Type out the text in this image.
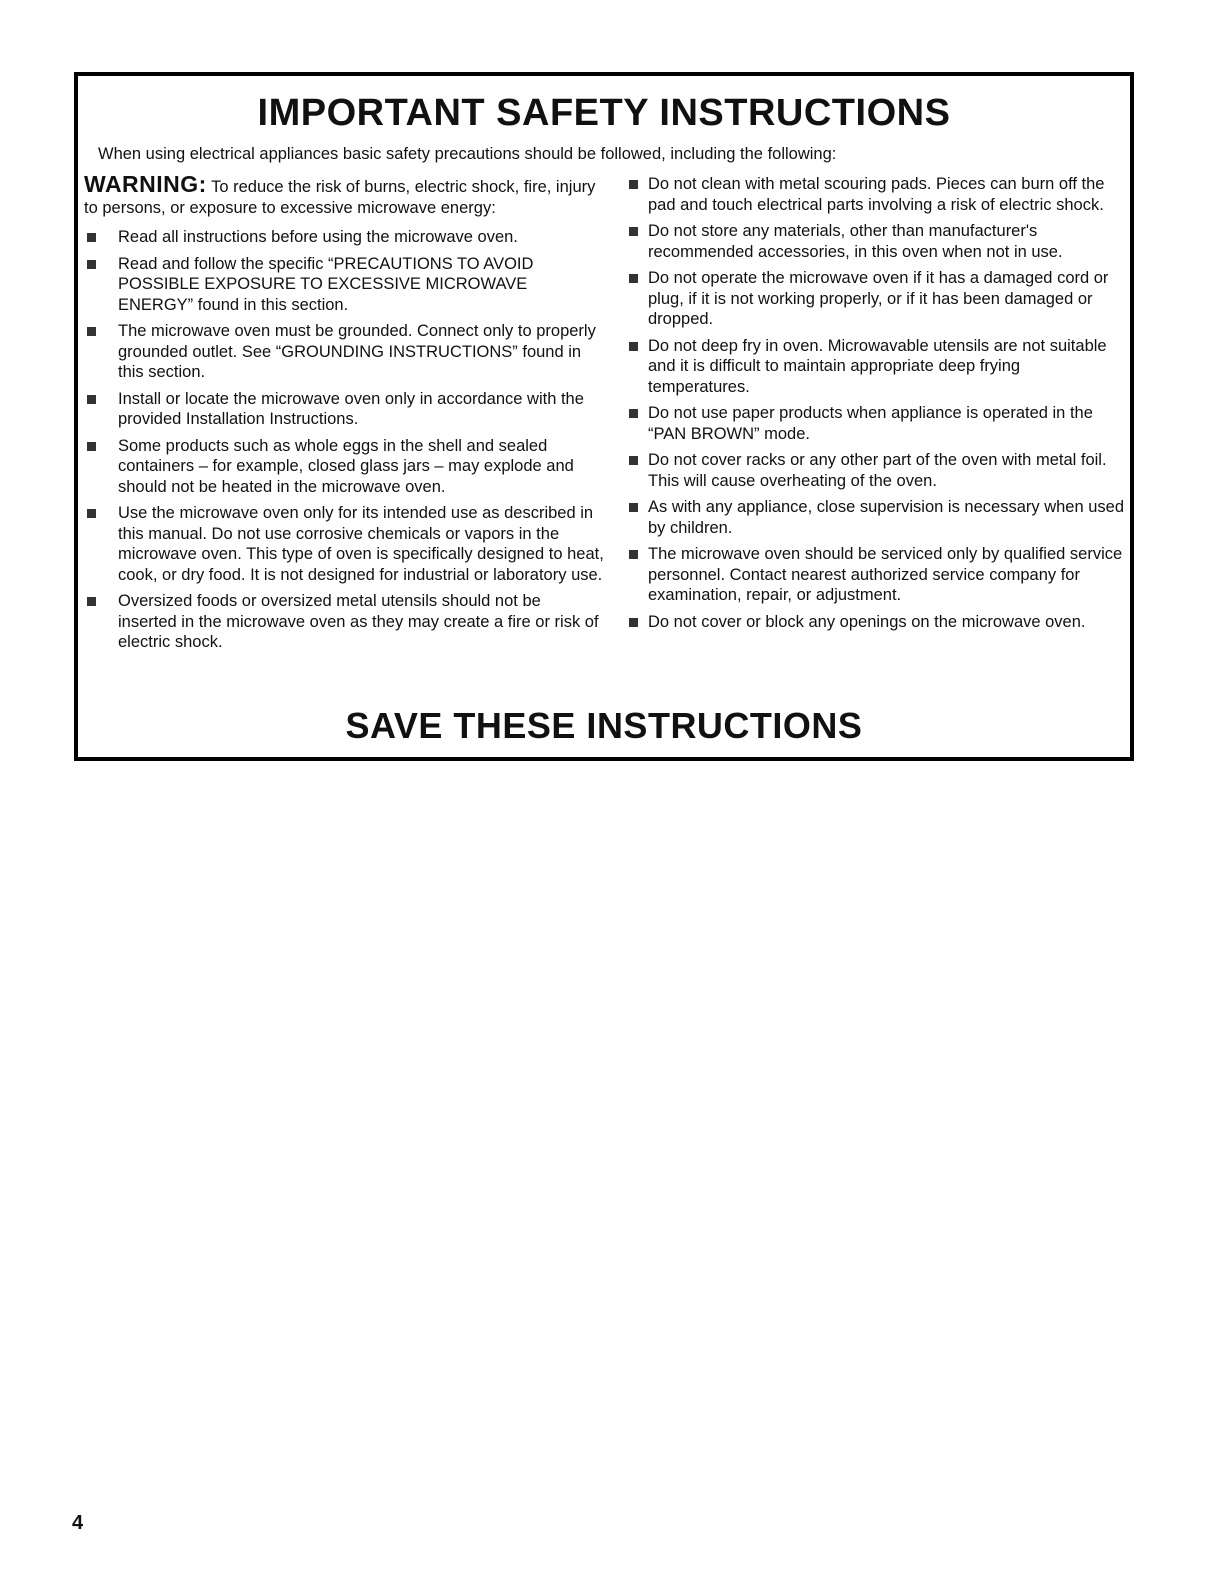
IMPORTANT SAFETY INSTRUCTIONS

When using electrical appliances basic safety precautions should be followed, including the following:

WARNING: To reduce the risk of burns, electric shock, fire, injury to persons, or exposure to excessive microwave energy:

Read all instructions before using the microwave oven.
Read and follow the specific “PRECAUTIONS TO AVOID POSSIBLE EXPOSURE TO EXCESSIVE MICROWAVE ENERGY” found in this section.
The microwave oven must be grounded. Connect only to properly grounded outlet. See “GROUNDING INSTRUCTIONS” found in this section.
Install or locate the microwave oven only in accordance with the provided Installation Instructions.
Some products such as whole eggs in the shell and sealed containers – for example, closed glass jars – may explode and should not be heated in the microwave oven.
Use the microwave oven only for its intended use as described in this manual. Do not use corrosive chemicals or vapors in the microwave oven. This type of oven is specifically designed to heat, cook, or dry food. It is not designed for industrial or laboratory use.
Oversized foods or oversized metal utensils should not be inserted in the microwave oven as they may create a fire or risk of electric shock.
Do not clean with metal scouring pads. Pieces can burn off the pad and touch electrical parts involving a risk of electric shock.
Do not store any materials, other than manufacturer's recommended accessories, in this oven when not in use.
Do not operate the microwave oven if it has a damaged cord or plug, if it is not working properly, or if it has been damaged or dropped.
Do not deep fry in oven. Microwavable utensils are not suitable and it is difficult to maintain appropriate deep frying temperatures.
Do not use paper products when appliance is operated in the “PAN BROWN” mode.
Do not cover racks or any other part of the oven with metal foil. This will cause overheating of the oven.
As with any appliance, close supervision is necessary when used by children.
The microwave oven should be serviced only by qualified service personnel. Contact nearest authorized service company for examination, repair, or adjustment.
Do not cover or block any openings on the microwave oven.
SAVE THESE INSTRUCTIONS
4
